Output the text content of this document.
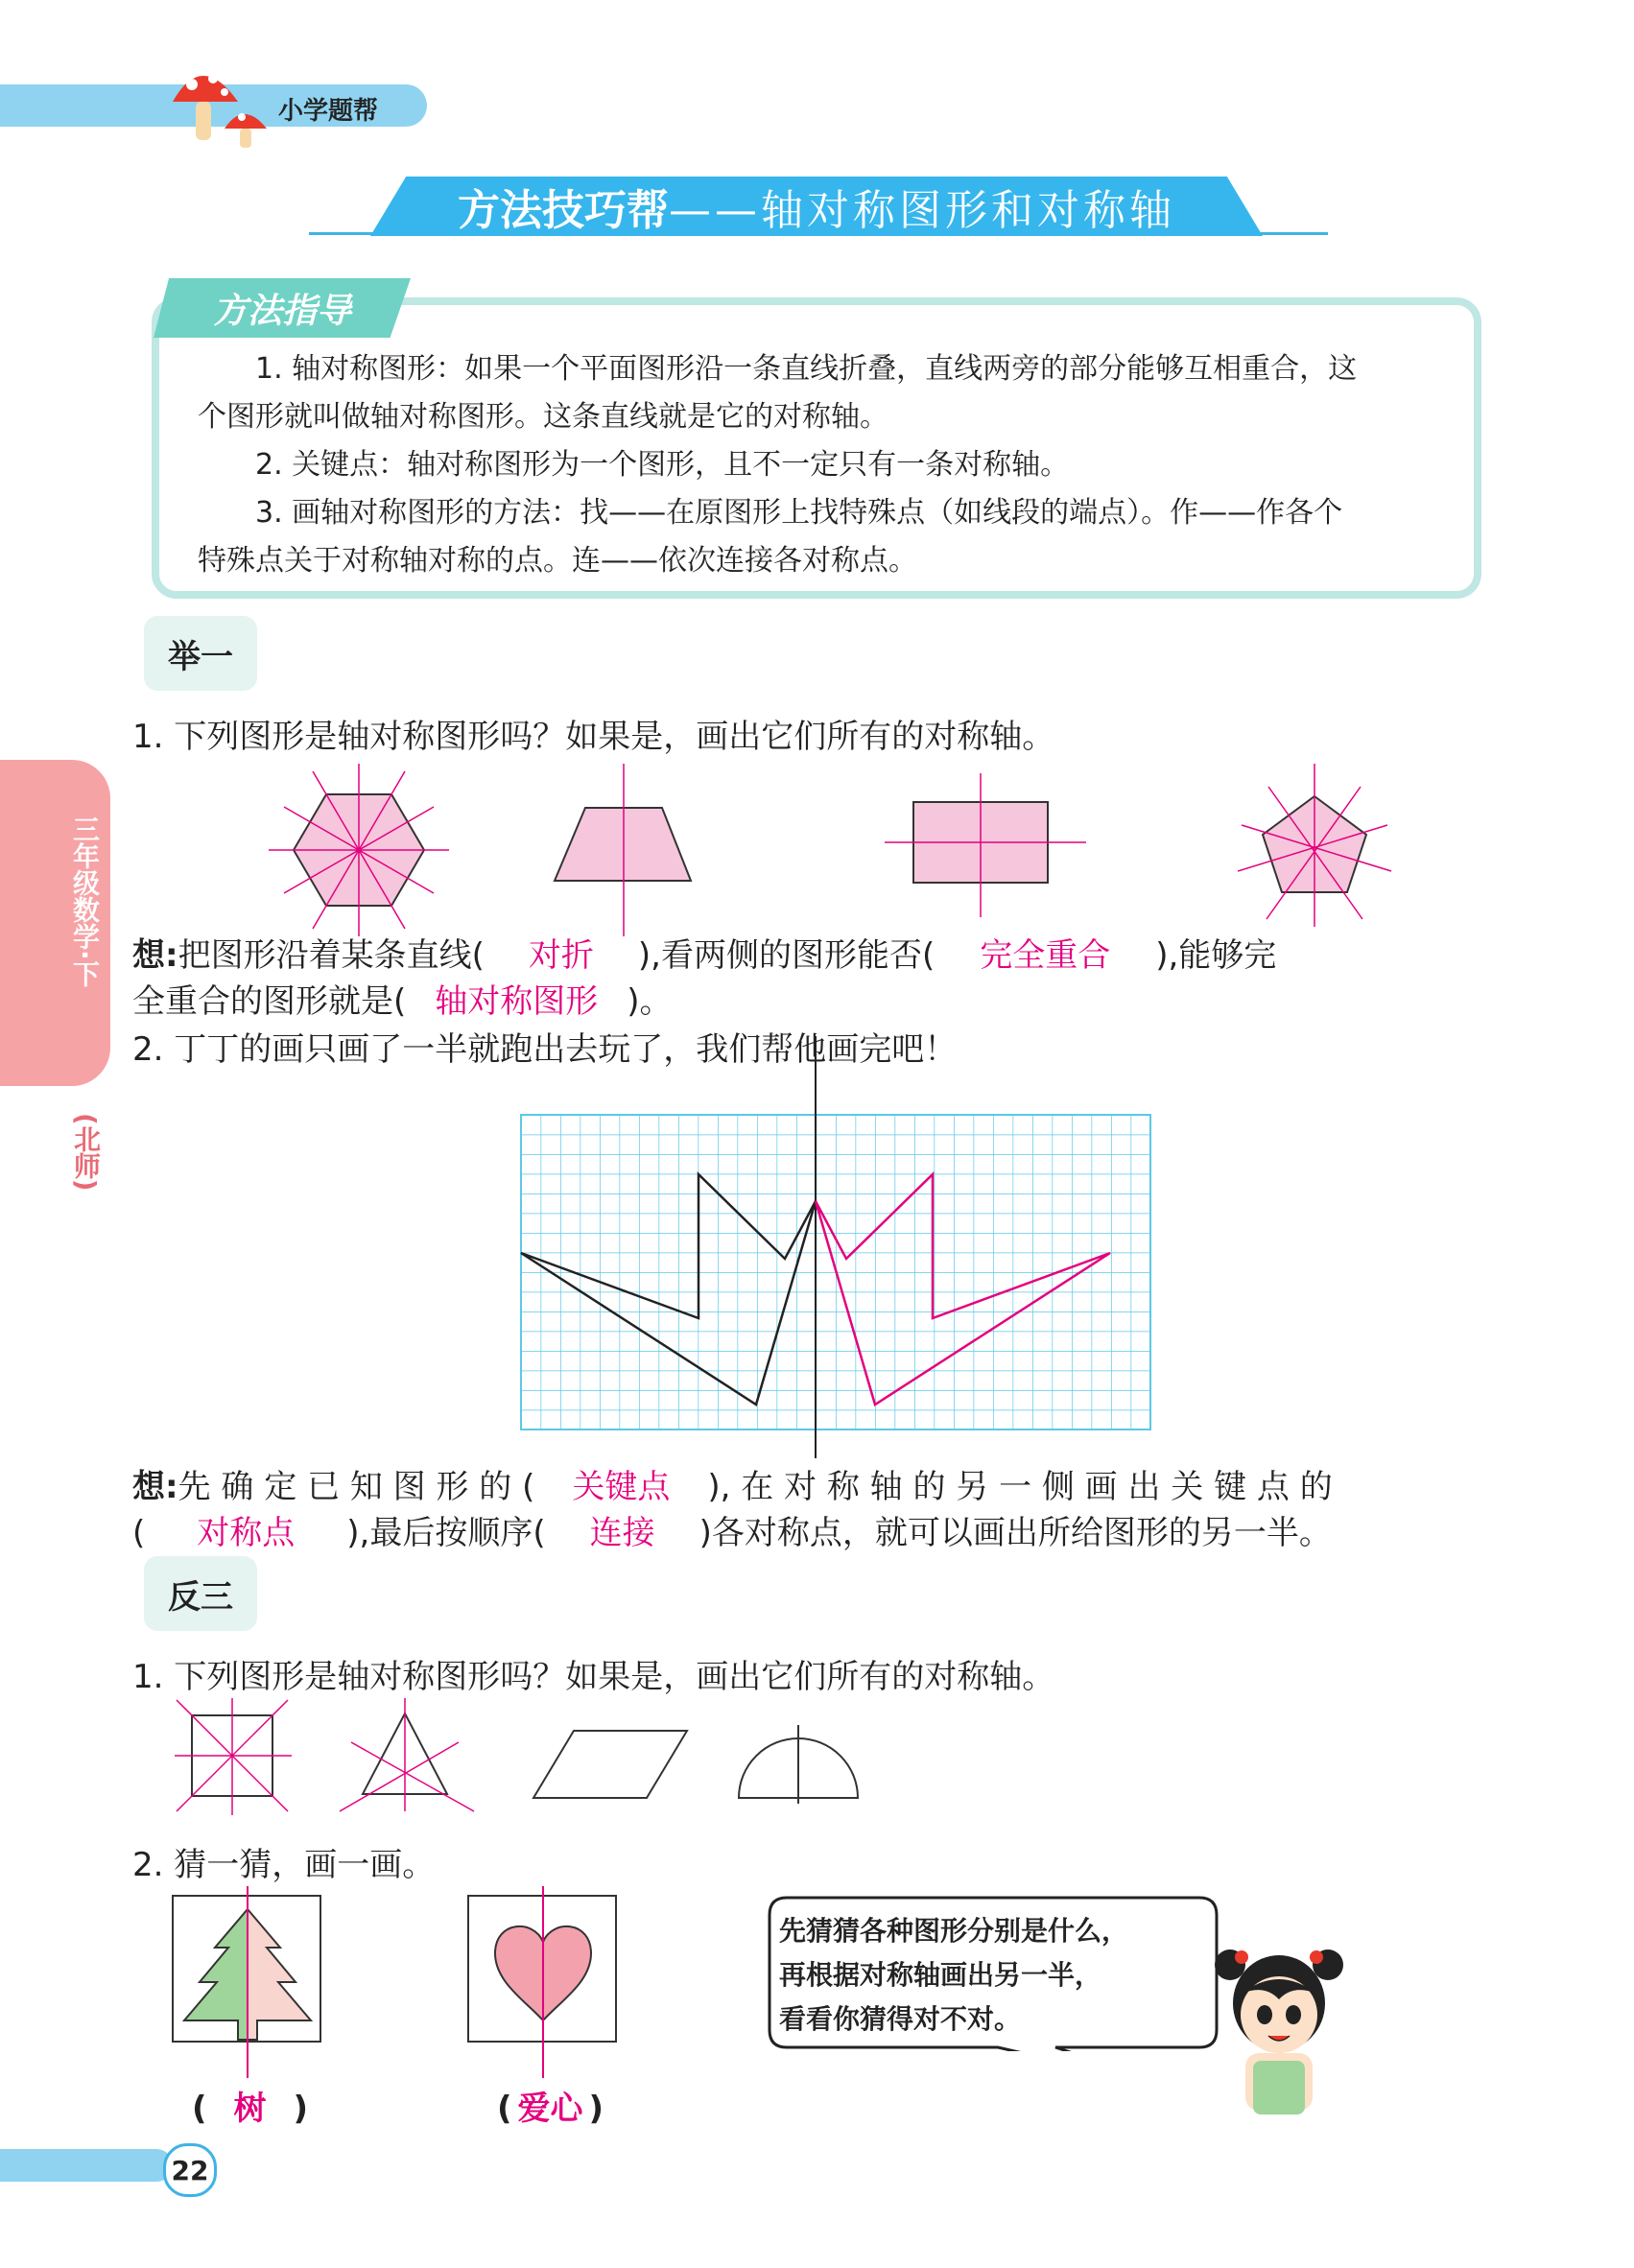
小学题帮
方法技巧帮 ——轴对称图形和对称轴
方法指导
1. 轴对称图形：如果一个平面图形沿一条直线折叠，直线两旁的部分能够互相重合，这
个图形就叫做轴对称图形。这条直线就是它的对称轴。
2. 关键点：轴对称图形为一个图形，且不一定只有一条对称轴。
3. 画轴对称图形的方法：找——在原图形上找特殊点（如线段的端点）。作——作各个
特殊点关于对称轴对称的点。连——依次连接各对称点。
三年级数学·下
(北师)
举一
1. 下列图形是轴对称图形吗？如果是，画出它们所有的对称轴。
想:把图形沿着某条直线( 对折 ),看两侧的图形能否( 完全重合 ),能够完
全重合的图形就是( 轴对称图形 )。
2. 丁丁的画只画了一半就跑出去玩了，我们帮他画完吧！
想:先 确 定 已 知 图 形 的 ( 关键点 ), 在 对 称 轴 的 另 一 侧 画 出 关 键 点 的
( 对称点 ),最后按顺序( 连接 )各对称点，就可以画出所给图形的另一半。
反三
1. 下列图形是轴对称图形吗？如果是，画出它们所有的对称轴。
2. 猜一猜，画一画。
( 树 )	( 爱心 )
先猜猜各种图形分别是什么，
再根据对称轴画出另一半，
看看你猜得对不对。
22
